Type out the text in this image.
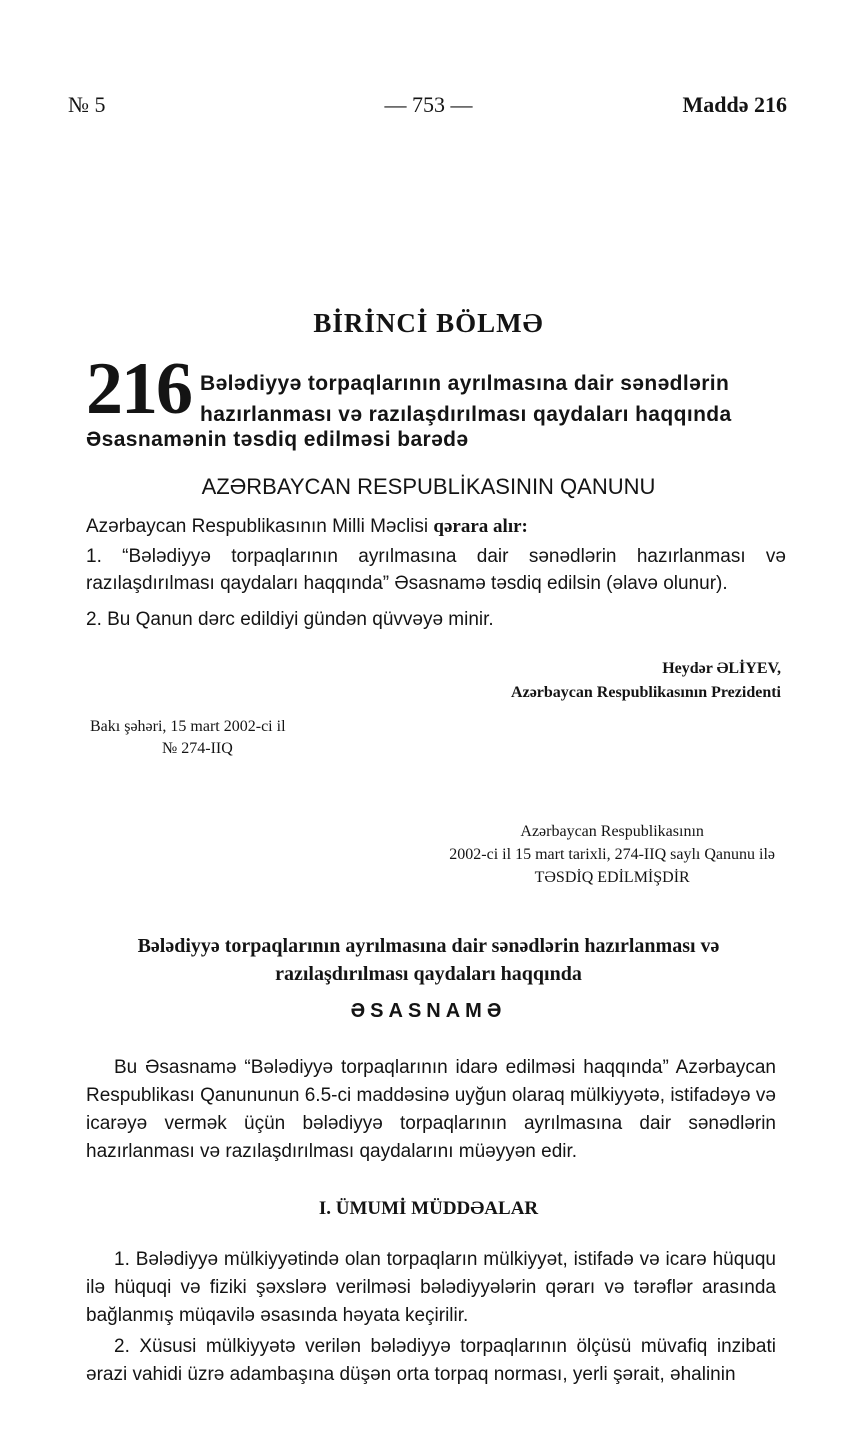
№ 5	— 753 —	Maddə 216
BİRİNCİ BÖLMƏ
216 Bələdiyyə torpaqlarının ayrılmasına dair sənədlərin
hazırlanması və razılaşdırılması qaydaları haqqında
Əsasnamənin təsdiq edilməsi barədə
AZƏRBAYCAN RESPUBLİKASININ QANUNU
Azərbaycan Respublikasının Milli Məclisi qərara alır:
1. “Bələdiyyə torpaqlarının ayrılmasına dair sənədlərin hazırlanması və razılaşdırılması qaydaları haqqında” Əsasnamə təsdiq edilsin (əlavə olunur).
2. Bu Qanun dərc edildiyi gündən qüvvəyə minir.
Heydər ƏLİYEV,
Azərbaycan Respublikasının Prezidenti
Bakı şəhəri, 15 mart 2002-ci il
№ 274-IIQ
Azərbaycan Respublikasının
2002-ci il 15 mart tarixli, 274-IIQ saylı Qanunu ilə
TƏSDİQ EDİLMİŞDİR
Bələdiyyə torpaqlarının ayrılmasına dair sənədlərin hazırlanması və
razılaşdırılması qaydaları haqqında
ƏSASNAMƏ
Bu Əsasnamə “Bələdiyyə torpaqlarının idarə edilməsi haqqında” Azərbaycan Respublikası Qanununun 6.5-ci maddəsinə uyğun olaraq mülkiyyətə, istifadəyə və icarəyə vermək üçün bələdiyyə torpaqlarının ayrılmasına dair sənədlərin hazırlanması və razılaşdırılması qaydalarını müəyyən edir.
I. ÜMUMİ MÜDDƏALAR
1. Bələdiyyə mülkiyyətində olan torpaqların mülkiyyət, istifadə və icarə hüququ ilə hüquqi və fiziki şəxslərə verilməsi bələdiyyələrin qərarı və tərəflər arasında bağlanmış müqavilə əsasında həyata keçirilir.
2. Xüsusi mülkiyyətə verilən bələdiyyə torpaqlarının ölçüsü müvafiq inzibati ərazi vahidi üzrə adambaşına düşən orta torpaq norması, yerli şərait, əhalinin
